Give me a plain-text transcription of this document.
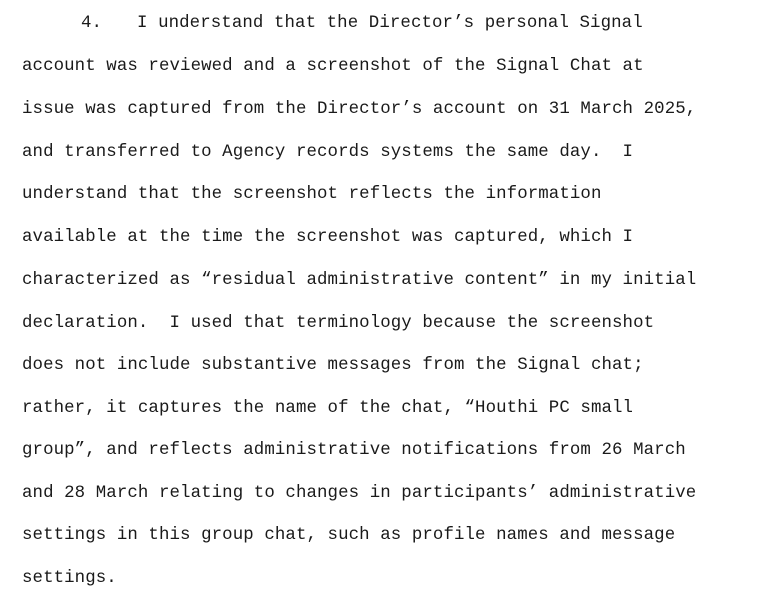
4. I understand that the Director’s personal Signal
account was reviewed and a screenshot of the Signal Chat at
issue was captured from the Director’s account on 31 March 2025,
and transferred to Agency records systems the same day.  I
understand that the screenshot reflects the information
available at the time the screenshot was captured, which I
characterized as “residual administrative content” in my initial
declaration.  I used that terminology because the screenshot
does not include substantive messages from the Signal chat;
rather, it captures the name of the chat, “Houthi PC small
group”, and reflects administrative notifications from 26 March
and 28 March relating to changes in participants’ administrative
settings in this group chat, such as profile names and message
settings.
